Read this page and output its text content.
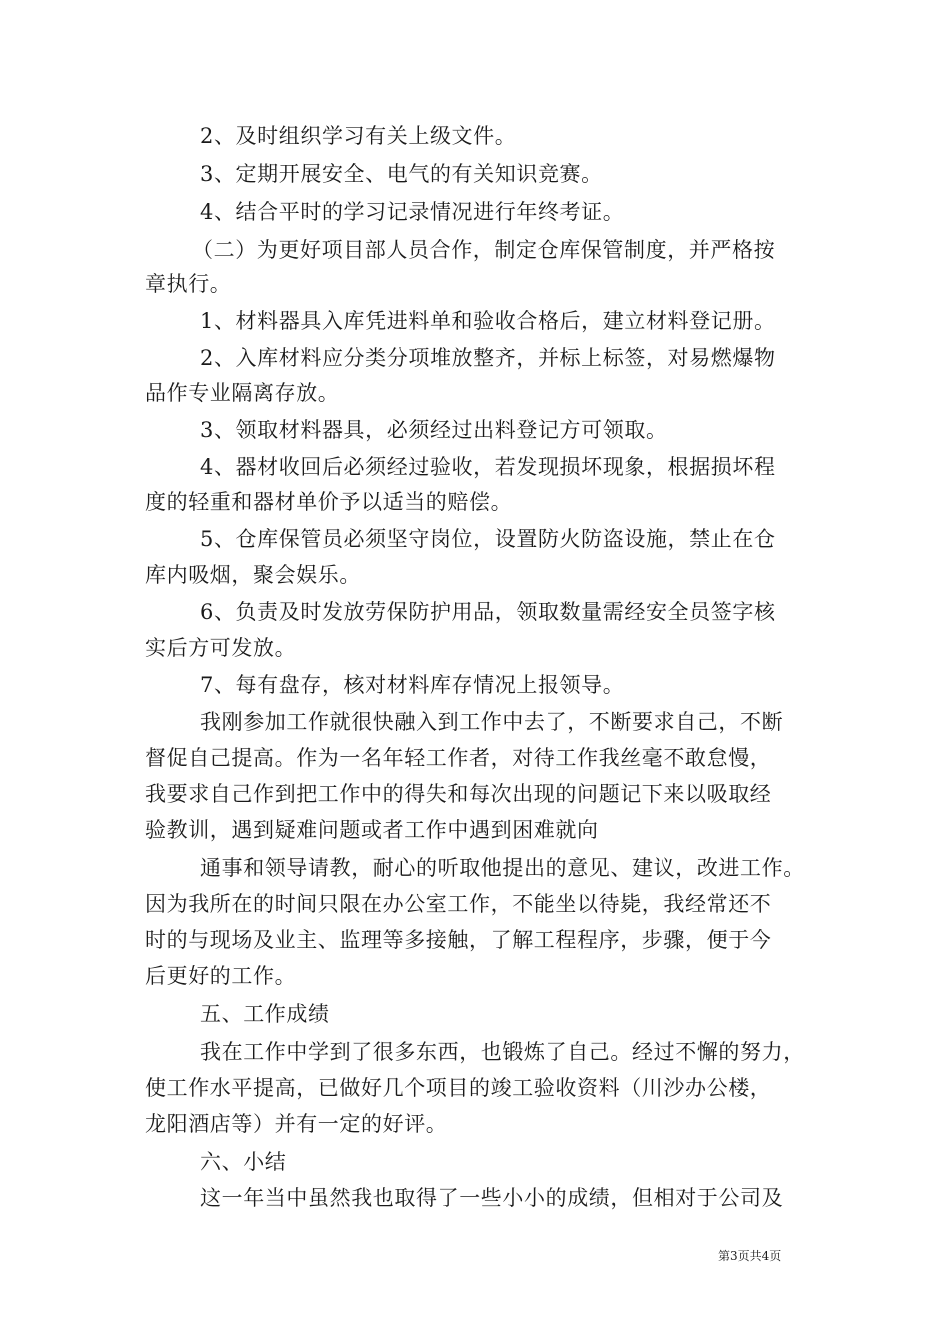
2、及时组织学习有关上级文件。
3、定期开展安全、电气的有关知识竞赛。
4、结合平时的学习记录情况进行年终考证。
（二）为更好项目部人员合作，制定仓库保管制度，并严格按
章执行。
1、材料器具入库凭进料单和验收合格后，建立材料登记册。
2、入库材料应分类分项堆放整齐，并标上标签，对易燃爆物
品作专业隔离存放。
3、领取材料器具，必须经过出料登记方可领取。
4、器材收回后必须经过验收，若发现损坏现象，根据损坏程
度的轻重和器材单价予以适当的赔偿。
5、仓库保管员必须坚守岗位，设置防火防盗设施，禁止在仓
库内吸烟，聚会娱乐。
6、负责及时发放劳保防护用品，领取数量需经安全员签字核
实后方可发放。
7、每有盘存，核对材料库存情况上报领导。
我刚参加工作就很快融入到工作中去了，不断要求自己，不断
督促自己提高。作为一名年轻工作者，对待工作我丝毫不敢怠慢，
我要求自己作到把工作中的得失和每次出现的问题记下来以吸取经
验教训，遇到疑难问题或者工作中遇到困难就向
通事和领导请教，耐心的听取他提出的意见、建议，改进工作。
因为我所在的时间只限在办公室工作，不能坐以待毙，我经常还不
时的与现场及业主、监理等多接触，了解工程程序，步骤，便于今
后更好的工作。
五、工作成绩
我在工作中学到了很多东西，也锻炼了自己。经过不懈的努力，
使工作水平提高，已做好几个项目的竣工验收资料（川沙办公楼，
龙阳酒店等）并有一定的好评。
六、小结
这一年当中虽然我也取得了一些小小的成绩，但相对于公司及
第3页共4页
